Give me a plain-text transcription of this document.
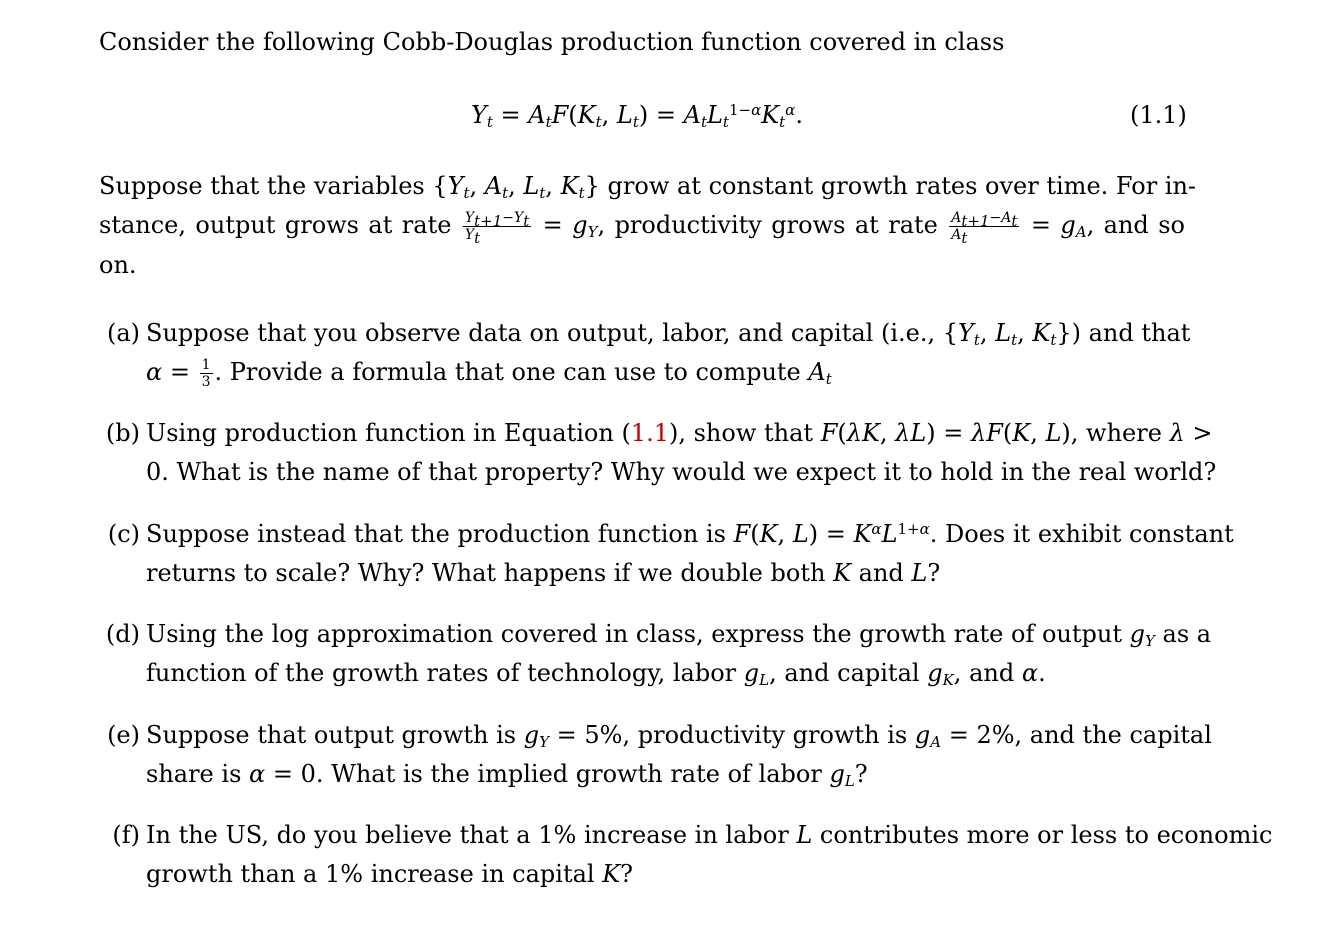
Consider the following Cobb-Douglas production function covered in class
$Y_t = A_tF(K_t$, $L_t) = A_tL_t^{1-\alpha}K_t^\alpha$.	(1.1)
Suppose that the variables {$Y_t$, $A_t$, $L_t$, $K_t$} grow at constant growth rates over time. For in-
stance, output grows at rate $\frac{Y_{t+1}-Y_t}{Y_t} = g_Y$, productivity grows at rate $\frac{A_{t+1}-A_t}{A_t} = g_A$, and so
on.
(a) Suppose that you observe data on output, labor, and capital (i.e., {$Y_t$, $L_t$, $K_t$}) and that
$\alpha = \frac{1}{3}$ . Provide a formula that one can use to compute $A_t$
(b) Using production function in Equation (1.1), show that F(λK, λL) = λF(K, L), where λ >
0. What is the name of that property? Why would we expect it to hold in the real world?
(c) Suppose instead that the production function is F(K, $L) = K^\alpha L^{1+\alpha}$. Does it exhibit constant
returns to scale? Why? What happens if we double both K and L?
(d) Using the log approximation covered in class, express the growth rate of output $g_Y$ as a
function of the growth rates of technology, labor $g_L$, and capital $g_K$, and α.
(e) Suppose that output growth is $g_Y = 5\%$, productivity growth is $g_A = 2\%$, and the capital
share is α = 0. What is the implied growth rate of labor $g_L$?
(f) In the US, do you believe that a 1% increase in labor L contributes more or less to economic
growth than a 1% increase in capital K?
